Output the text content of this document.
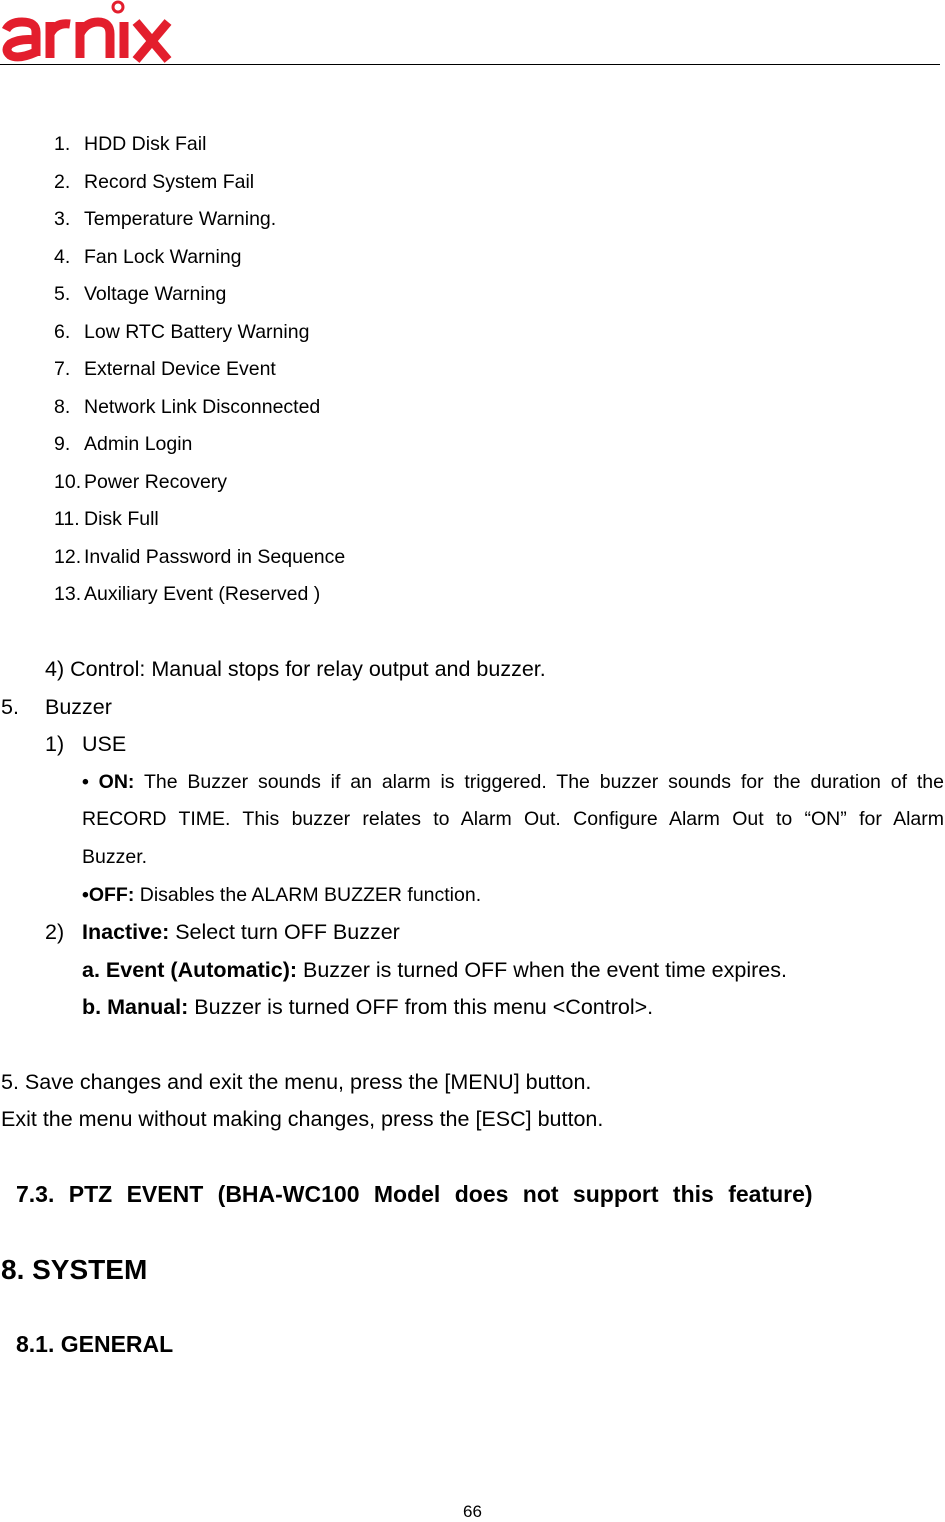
1. HDD Disk Fail
2. Record System Fail
3. Temperature Warning.
4. Fan Lock Warning
5. Voltage Warning
6. Low RTC Battery Warning
7. External Device Event
8. Network Link Disconnected
9. Admin Login
10. Power Recovery
11. Disk Full
12. Invalid Password in Sequence
13. Auxiliary Event (Reserved )
4) Control: Manual stops for relay output and buzzer.
5. Buzzer
1) USE
• ON: The Buzzer sounds if an alarm is triggered. The buzzer sounds for the duration of the
RECORD TIME. This buzzer relates to Alarm Out. Configure Alarm Out to “ON” for Alarm
Buzzer.
•OFF: Disables the ALARM BUZZER function.
2) Inactive: Select turn OFF Buzzer
a. Event (Automatic): Buzzer is turned OFF when the event time expires.
b. Manual: Buzzer is turned OFF from this menu <Control>.
5. Save changes and exit the menu, press the [MENU] button.
Exit the menu without making changes, press the [ESC] button.
7.3. PTZ EVENT (BHA-WC100 Model does not support this feature)
8. SYSTEM
8.1. GENERAL
66
